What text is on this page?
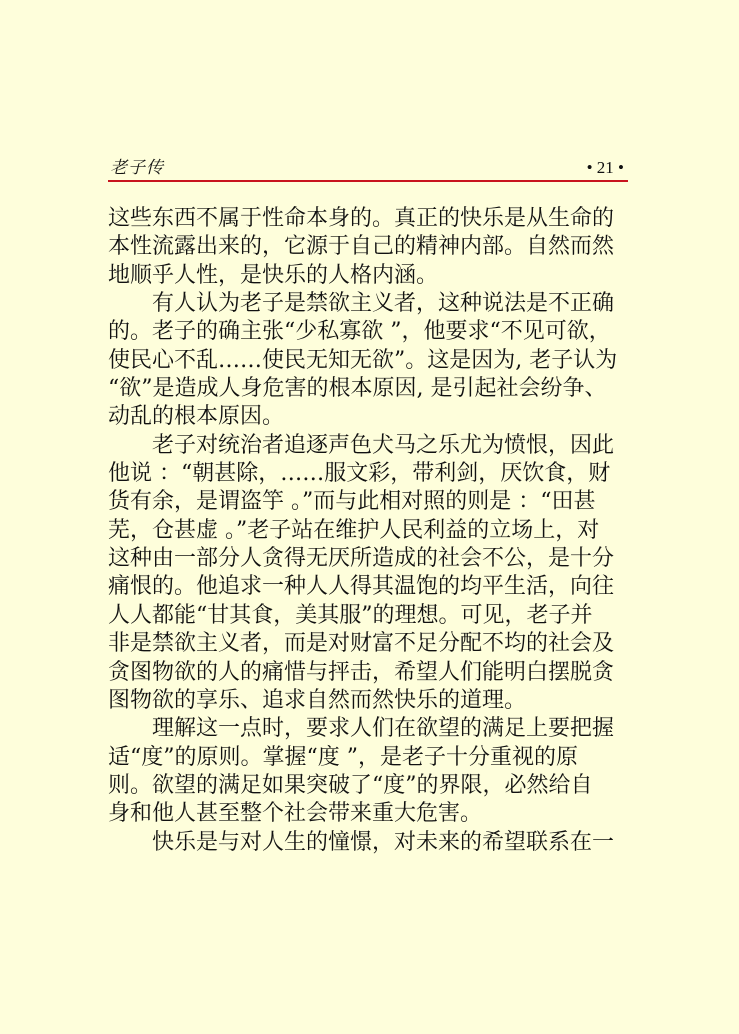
老子传	• 21 •

这些东西不属于性命本身的。真正的快乐是从生命的

本性流露出来的，它源于自己的精神内部。自然而然

地顺乎人性，是快乐的人格内涵。

　　有人认为老子是禁欲主义者，这种说法是不正确

的。老子的确主张“少私寡欲 ”，他要求“不见可欲，

使民心不乱……使民无知无欲”。这是因为, 老子认为

“欲”是造成人身危害的根本原因, 是引起社会纷争、

动乱的根本原因。

　　老子对统治者追逐声色犬马之乐尤为愤恨，因此

他说 ：“朝甚除，……服文彩，带利剑，厌饮食，财

货有余，是谓盗竽 。”而与此相对照的则是 ：“田甚

芜，仓甚虚 。”老子站在维护人民利益的立场上，对

这种由一部分人贪得无厌所造成的社会不公，是十分

痛恨的。他追求一种人人得其温饱的均平生活，向往

人人都能“甘其食，美其服”的理想。可见，老子并

非是禁欲主义者，而是对财富不足分配不均的社会及

贪图物欲的人的痛惜与抨击，希望人们能明白摆脱贪

图物欲的享乐、追求自然而然快乐的道理。

　　理解这一点时，要求人们在欲望的满足上要把握

适“度”的原则。掌握“度 ”，是老子十分重视的原

则。欲望的满足如果突破了“度”的界限，必然给自

身和他人甚至整个社会带来重大危害。

　　快乐是与对人生的憧憬，对未来的希望联系在一
